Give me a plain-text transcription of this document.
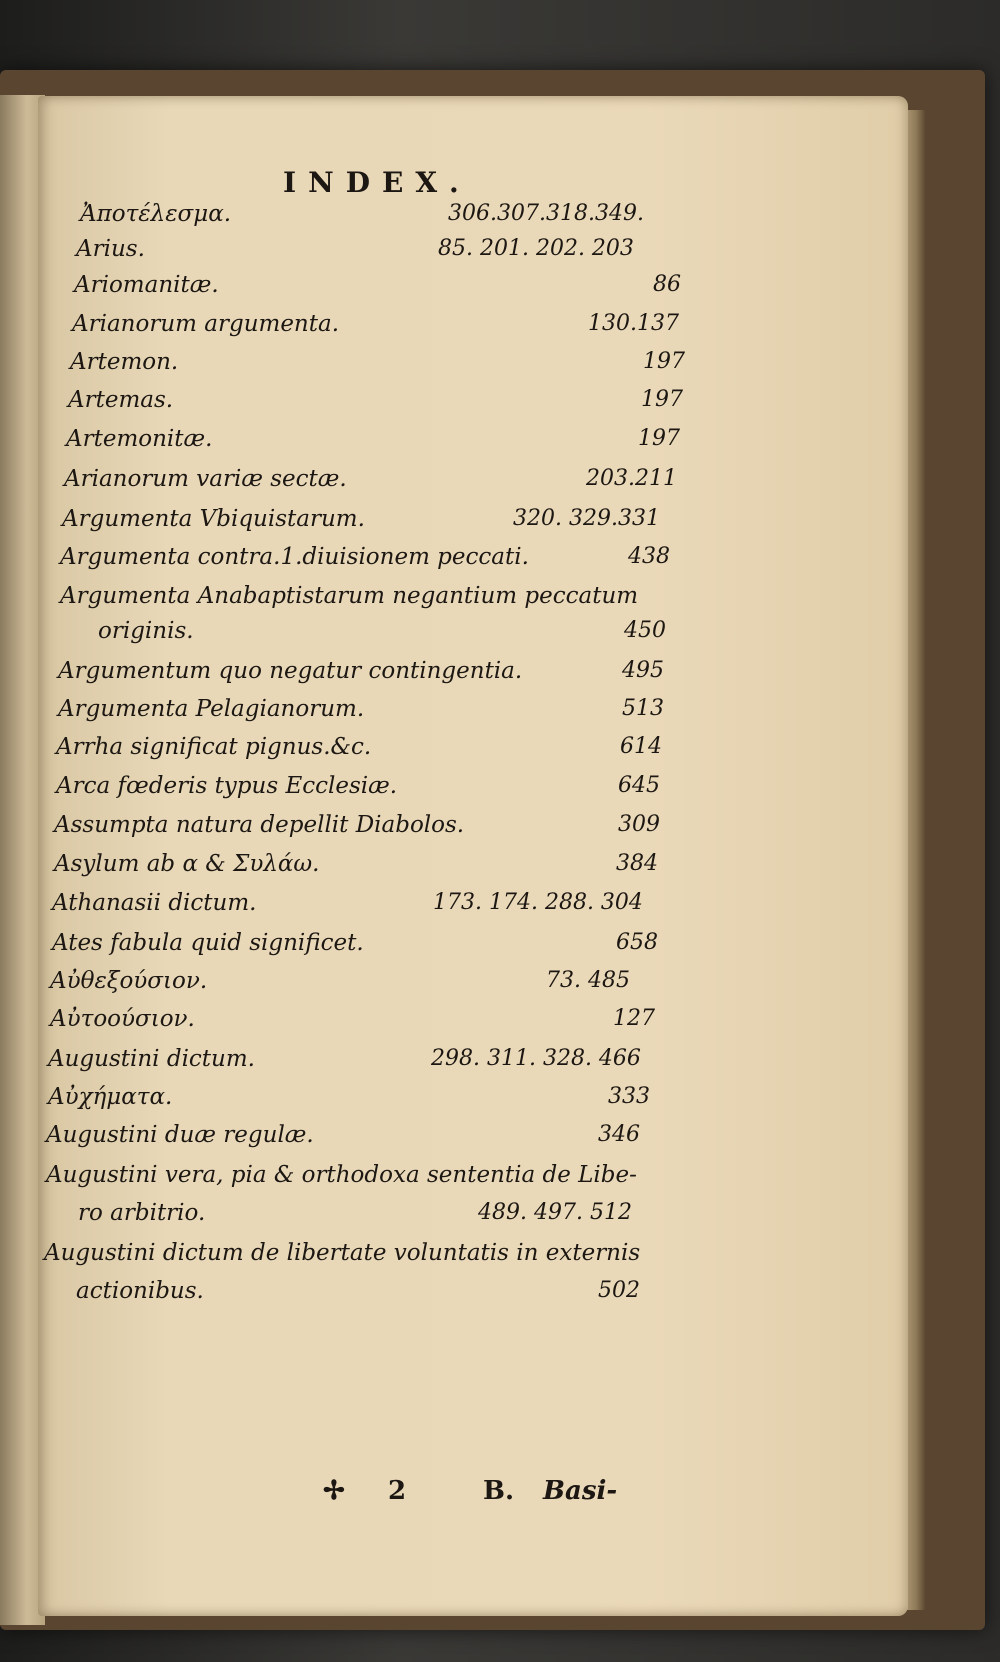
INDEX.
Ἀποτέλεσμα.	306.307.318.349.
Arius.	85. 201. 202. 203
Ariomanitæ.	86
Arianorum argumenta.	130.137
Artemon.	197
Artemas.	197
Artemonitæ.	197
Arianorum variæ sectæ.	203.211
Argumenta Vbiquistarum.	320. 329.331
Argumenta contra.1.diuisionem peccati.	438
Argumenta Anabaptistarum negantium peccatum
originis.	450
Argumentum quo negatur contingentia.	495
Argumenta Pelagianorum.	513
Arrha significat pignus.&c.	614
Arca fœderis typus Ecclesiæ.	645
Assumpta natura depellit Diabolos.	309
Asylum ab α & Συλάω.	384
Athanasii dictum.	173. 174. 288. 304
Ates fabula quid significet.	658
Αὐθεξούσιον.	73. 485
Αὐτοούσιον.	127
Augustini dictum.	298. 311. 328. 466
Αὐχήματα.	333
Augustini duæ regulæ.	346
Augustini vera, pia & orthodoxa sententia de Libe-
ro arbitrio.	489. 497. 512
Augustini dictum de libertate voluntatis in externis
actionibus.	502
✢ 2	B. Basi-
